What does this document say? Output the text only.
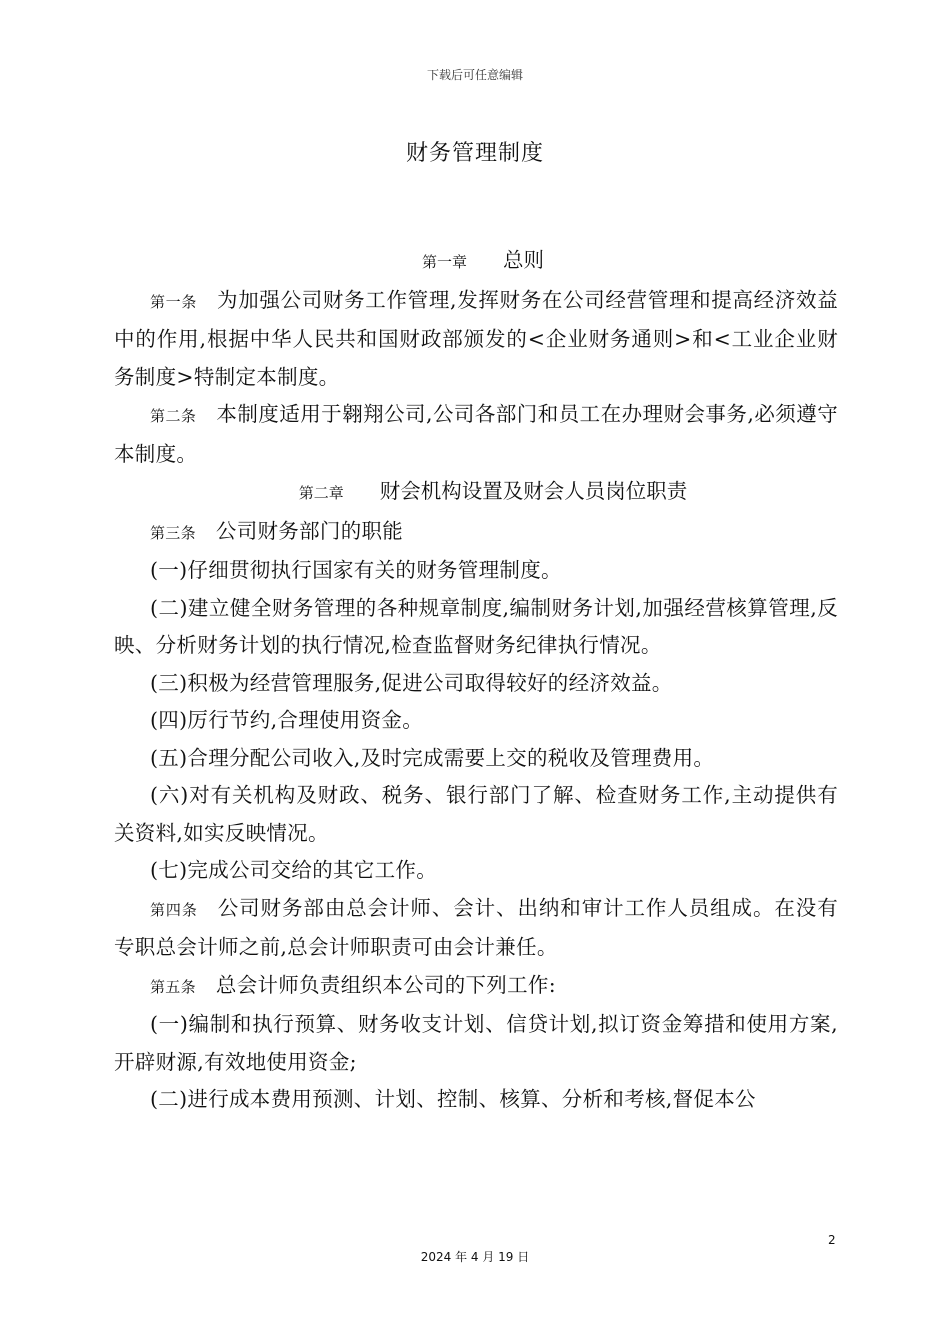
下载后可任意编辑
财务管理制度

第一章 总则

第一条 为加强公司财务工作管理,发挥财务在公司经营管理和提高经济效益中的作用,根据中华人民共和国财政部颁发的<企业财务通则>和<工业企业财务制度>特制定本制度。

第二条 本制度适用于翱翔公司,公司各部门和员工在办理财会事务,必须遵守本制度。

第二章 财会机构设置及财会人员岗位职责

第三条 公司财务部门的职能

(一)仔细贯彻执行国家有关的财务管理制度。

(二)建立健全财务管理的各种规章制度,编制财务计划,加强经营核算管理,反映、分析财务计划的执行情况,检查监督财务纪律执行情况。

(三)积极为经营管理服务,促进公司取得较好的经济效益。

(四)厉行节约,合理使用资金。

(五)合理分配公司收入,及时完成需要上交的税收及管理费用。

(六)对有关机构及财政、税务、银行部门了解、检查财务工作,主动提供有关资料,如实反映情况。

(七)完成公司交给的其它工作。

第四条 公司财务部由总会计师、会计、出纳和审计工作人员组成。在没有专职总会计师之前,总会计师职责可由会计兼任。

第五条 总会计师负责组织本公司的下列工作:

(一)编制和执行预算、财务收支计划、信贷计划,拟订资金筹措和使用方案,开辟财源,有效地使用资金;

(二)进行成本费用预测、计划、控制、核算、分析和考核,督促本公

2
2024 年 4 月 19 日
